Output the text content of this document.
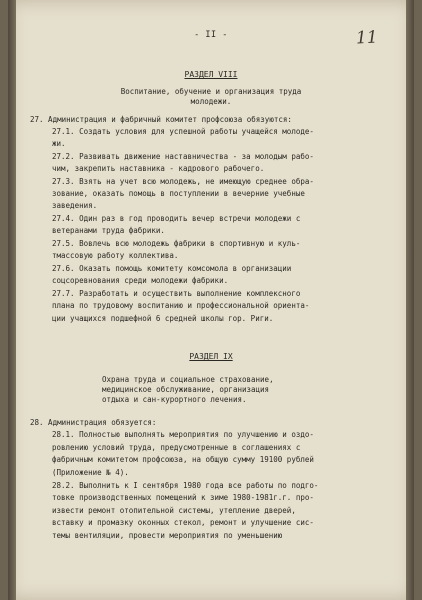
- II -	11
РАЗДЕЛ VIII
Воспитание, обучение и организация труда
молодежи.
27. Администрация и фабричный комитет профсоюза обязуются:
27.1. Создать условия для успешной работы учащейся молоде-
жи.
27.2. Развивать движение наставничества - за молодым рабо-
чим, закрепить наставника - кадрового рабочего.
27.3. Взять на учет всю молодежь, не имеющую среднее обра-
зование, оказать помощь в поступлении в вечерние учебные
заведения.
27.4. Один раз в год проводить вечер встречи молодежи с
ветеранами труда фабрики.
27.5. Вовлечь всю молодежь фабрики в спортивную и куль-
тмассовую работу коллектива.
27.6. Оказать помощь комитету комсомола в организации
соцсоревнования среди молодежи фабрики.
27.7. Разработать и осуществить выполнение комплексного
плана по трудовому воспитанию и профессиональной ориента-
ции учащихся подшефной 6 средней школы гор. Риги.
РАЗДЕЛ IX
Охрана труда и социальное страхование,
медицинское обслуживание, организация
отдыха и сан-курортного лечения.
28. Администрация обязуется:
28.1. Полностью выполнять мероприятия по улучшению и оздо-
ровлению условий труда, предусмотренные в соглашениях с
фабричным комитетом профсоюза, на общую сумму 19100 рублей
(Приложение № 4).
28.2. Выполнить к I сентября 1980 года все работы по подго-
товке производственных помещений к зиме 1980-1981г.г. про-
извести ремонт отопительной системы, утепление дверей,
вставку и промазку оконных стекол, ремонт и улучшение сис-
темы вентиляции, провести мероприятия по уменьшению
